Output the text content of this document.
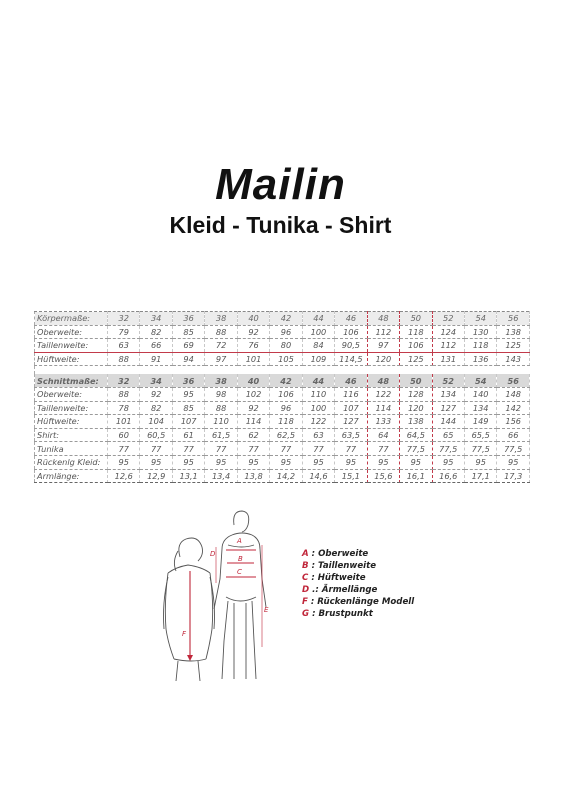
Mailin
Kleid - Tunika - Shirt
Körpermaße:	32	34	36	38	40	42	44	46	48	50	52	54	56
Oberweite:	79	82	85	88	92	96	100	106	112	118	124	130	138
Taillenweite:	63	66	69	72	76	80	84	90,5	97	106	112	118	125
Hüftweite:	88	91	94	97	101	105	109	114,5	120	125	131	136	143

Schnittmaße:	32	34	36	38	40	42	44	46	48	50	52	54	56
Oberweite:	88	92	95	98	102	106	110	116	122	128	134	140	148
Taillenweite:	78	82	85	88	92	96	100	107	114	120	127	134	142
Hüftweite:	101	104	107	110	114	118	122	127	133	138	144	149	156
Shirt:	60	60,5	61	61,5	62	62,5	63	63,5	64	64,5	65	65,5	66
Tunika	77	77	77	77	77	77	77	77	77	77,5	77,5	77,5	77,5
Rückenlg Kleid:	95	95	95	95	95	95	95	95	95	95	95	95	95
Armlänge:	12,6	12,9	13,1	13,4	13,8	14,2	14,6	15,1	15,6	16,1	16,6	17,1	17,3
D
A
B
C
E
F
A : Oberweite
B : Taillenweite
C : Hüftweite
D .: Ärmellänge
F : Rückenlänge Modell
G : Brustpunkt
